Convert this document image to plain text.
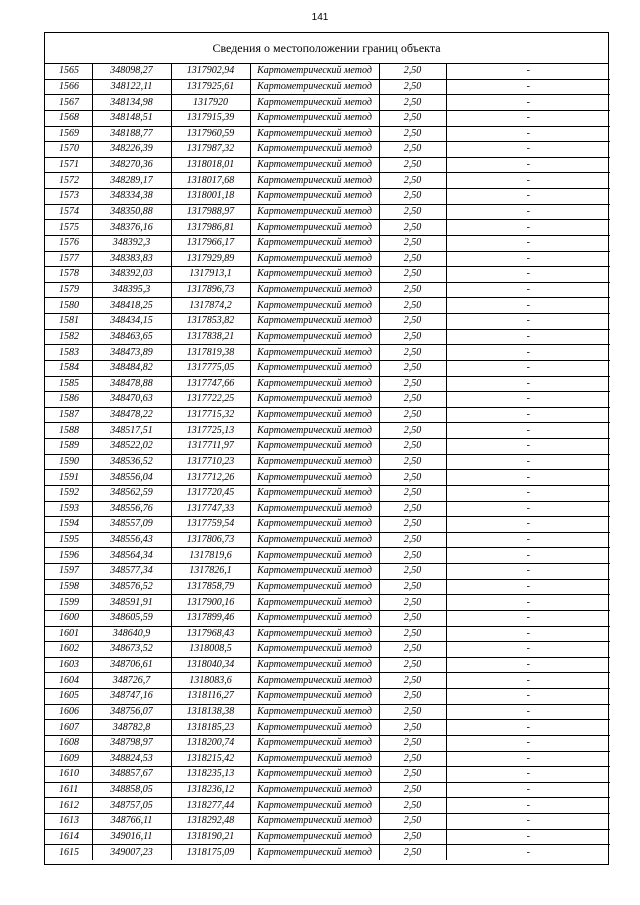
141
Сведения о местоположении границ объекта
1565	348098,27	1317902,94	Картометрический метод	2,50	-
1566	348122,11	1317925,61	Картометрический метод	2,50	-
1567	348134,98	1317920	Картометрический метод	2,50	-
1568	348148,51	1317915,39	Картометрический метод	2,50	-
1569	348188,77	1317960,59	Картометрический метод	2,50	-
1570	348226,39	1317987,32	Картометрический метод	2,50	-
1571	348270,36	1318018,01	Картометрический метод	2,50	-
1572	348289,17	1318017,68	Картометрический метод	2,50	-
1573	348334,38	1318001,18	Картометрический метод	2,50	-
1574	348350,88	1317988,97	Картометрический метод	2,50	-
1575	348376,16	1317986,81	Картометрический метод	2,50	-
1576	348392,3	1317966,17	Картометрический метод	2,50	-
1577	348383,83	1317929,89	Картометрический метод	2,50	-
1578	348392,03	1317913,1	Картометрический метод	2,50	-
1579	348395,3	1317896,73	Картометрический метод	2,50	-
1580	348418,25	1317874,2	Картометрический метод	2,50	-
1581	348434,15	1317853,82	Картометрический метод	2,50	-
1582	348463,65	1317838,21	Картометрический метод	2,50	-
1583	348473,89	1317819,38	Картометрический метод	2,50	-
1584	348484,82	1317775,05	Картометрический метод	2,50	-
1585	348478,88	1317747,66	Картометрический метод	2,50	-
1586	348470,63	1317722,25	Картометрический метод	2,50	-
1587	348478,22	1317715,32	Картометрический метод	2,50	-
1588	348517,51	1317725,13	Картометрический метод	2,50	-
1589	348522,02	1317711,97	Картометрический метод	2,50	-
1590	348536,52	1317710,23	Картометрический метод	2,50	-
1591	348556,04	1317712,26	Картометрический метод	2,50	-
1592	348562,59	1317720,45	Картометрический метод	2,50	-
1593	348556,76	1317747,33	Картометрический метод	2,50	-
1594	348557,09	1317759,54	Картометрический метод	2,50	-
1595	348556,43	1317806,73	Картометрический метод	2,50	-
1596	348564,34	1317819,6	Картометрический метод	2,50	-
1597	348577,34	1317826,1	Картометрический метод	2,50	-
1598	348576,52	1317858,79	Картометрический метод	2,50	-
1599	348591,91	1317900,16	Картометрический метод	2,50	-
1600	348605,59	1317899,46	Картометрический метод	2,50	-
1601	348640,9	1317968,43	Картометрический метод	2,50	-
1602	348673,52	1318008,5	Картометрический метод	2,50	-
1603	348706,61	1318040,34	Картометрический метод	2,50	-
1604	348726,7	1318083,6	Картометрический метод	2,50	-
1605	348747,16	1318116,27	Картометрический метод	2,50	-
1606	348756,07	1318138,38	Картометрический метод	2,50	-
1607	348782,8	1318185,23	Картометрический метод	2,50	-
1608	348798,97	1318200,74	Картометрический метод	2,50	-
1609	348824,53	1318215,42	Картометрический метод	2,50	-
1610	348857,67	1318235,13	Картометрический метод	2,50	-
1611	348858,05	1318236,12	Картометрический метод	2,50	-
1612	348757,05	1318277,44	Картометрический метод	2,50	-
1613	348766,11	1318292,48	Картометрический метод	2,50	-
1614	349016,11	1318190,21	Картометрический метод	2,50	-
1615	349007,23	1318175,09	Картометрический метод	2,50	-
